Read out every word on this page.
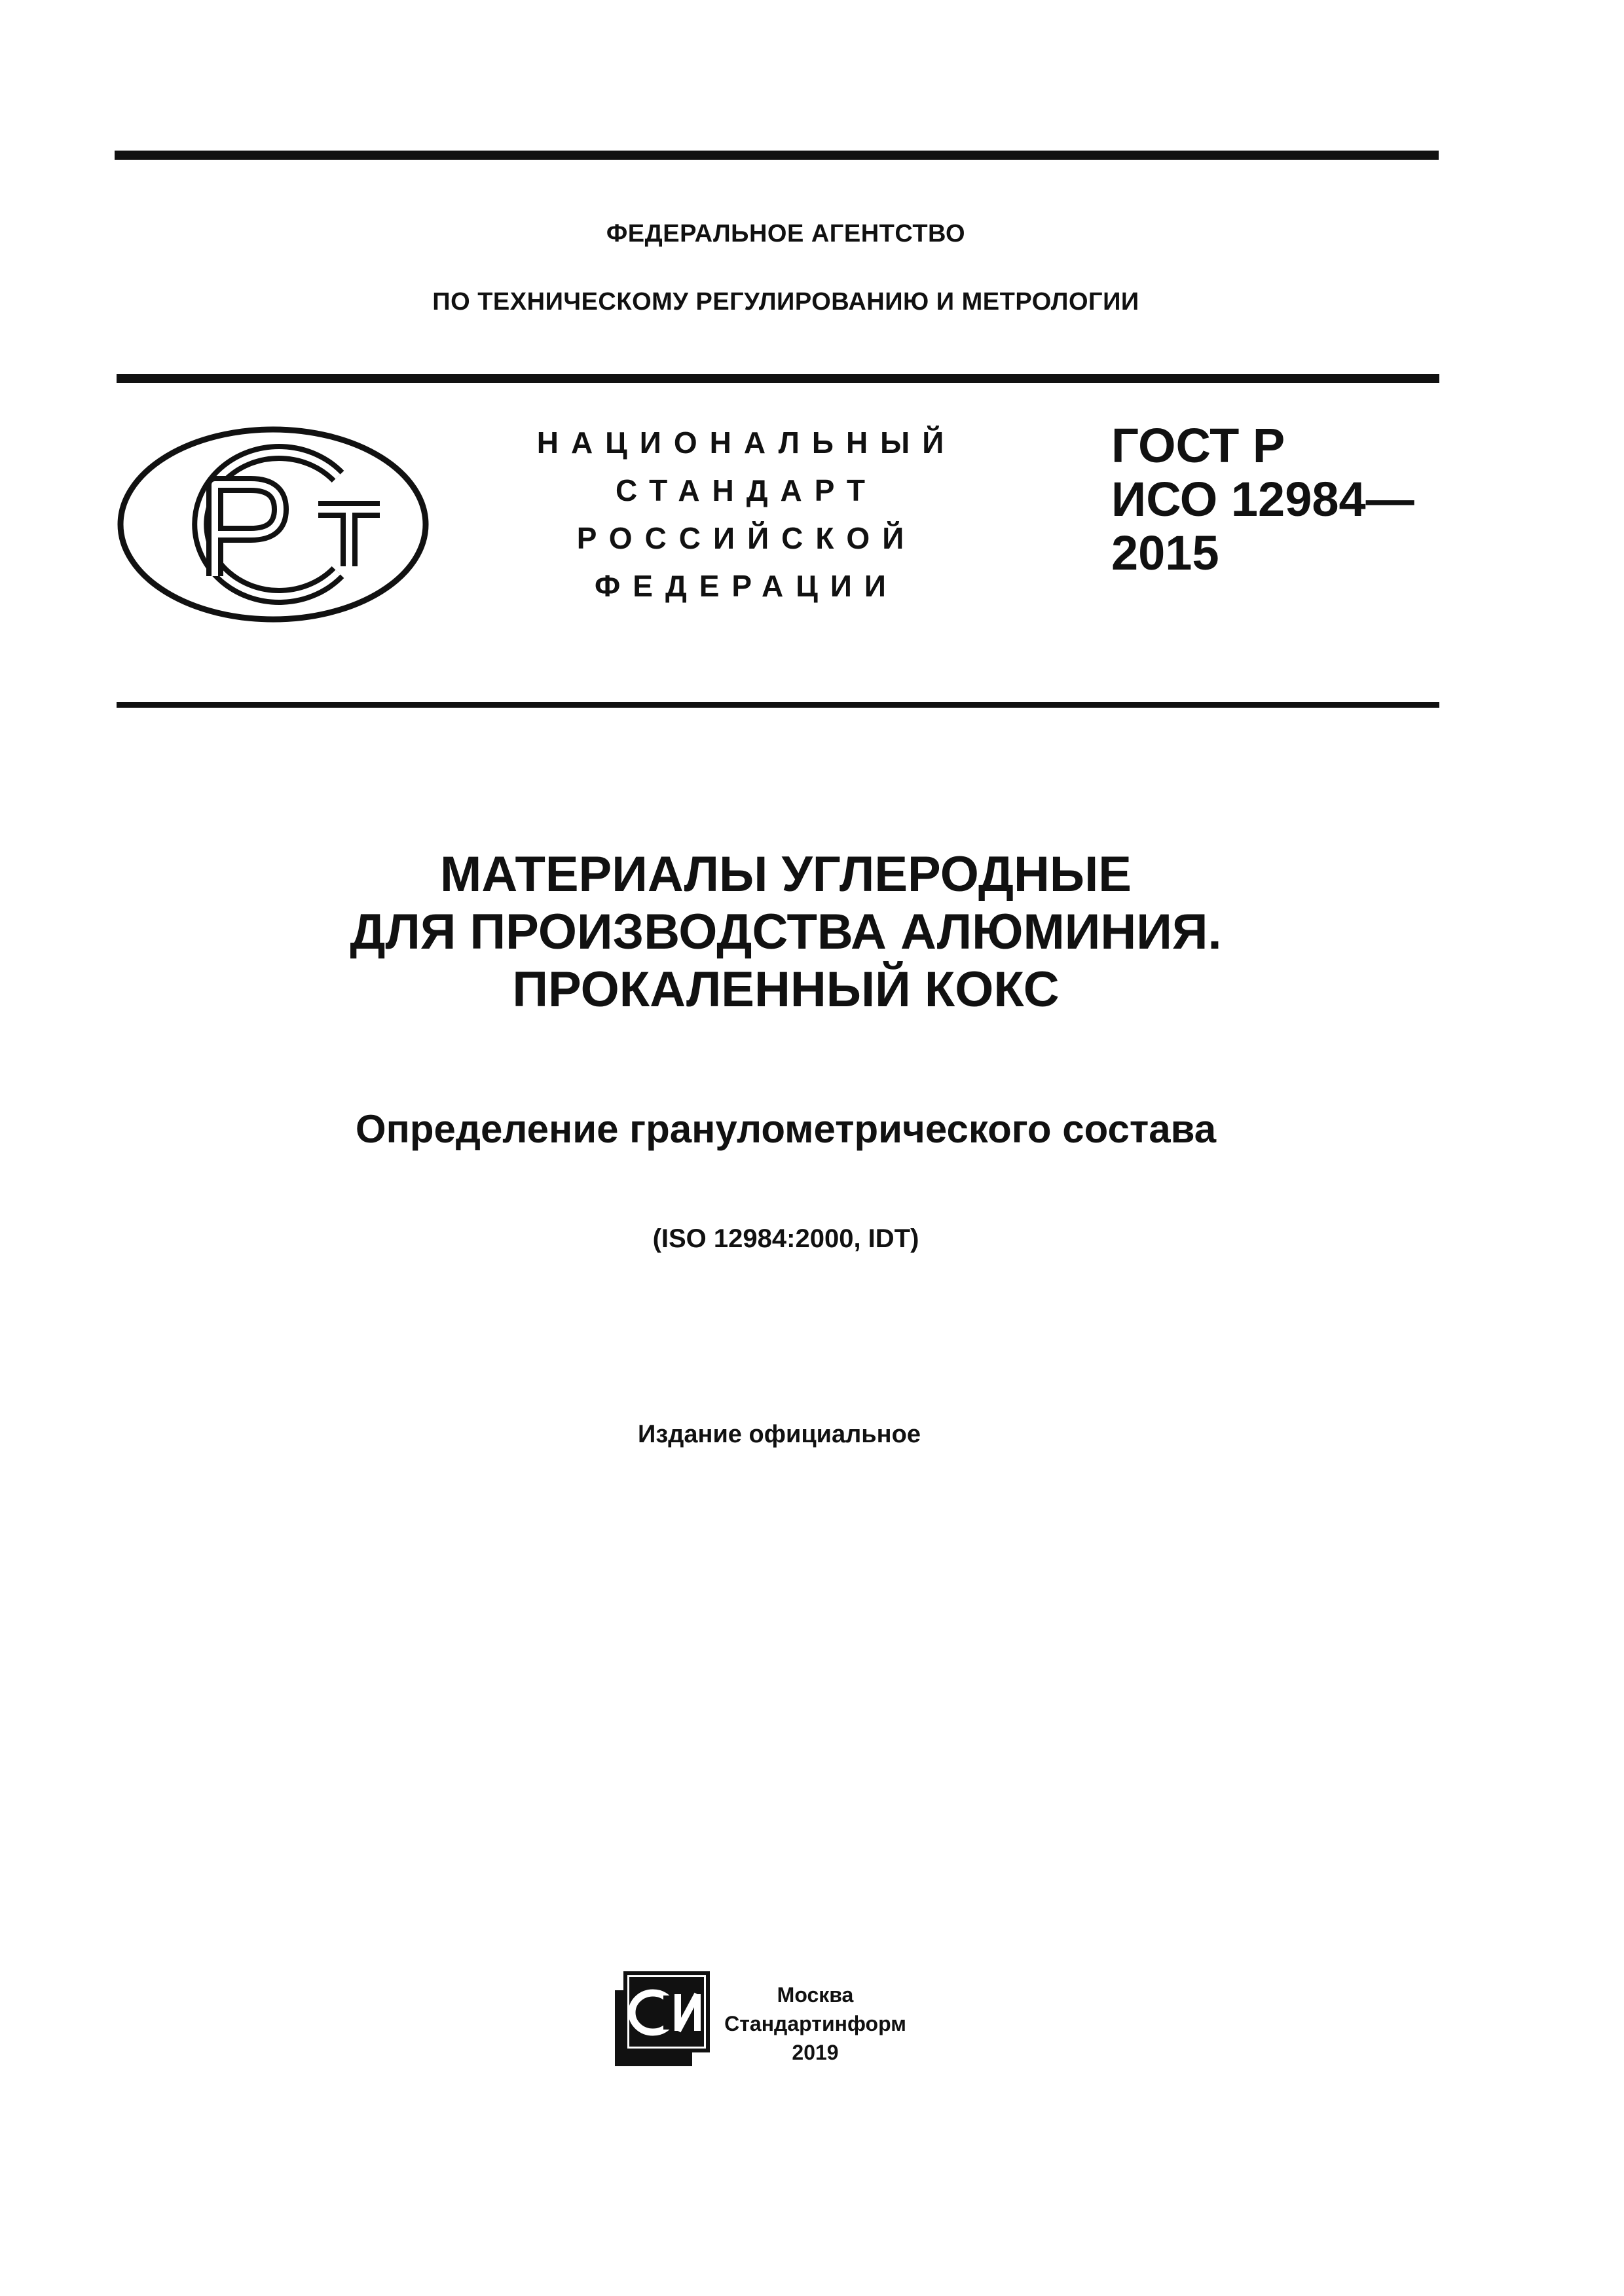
ФЕДЕРАЛЬНОЕ АГЕНТСТВО
ПО ТЕХНИЧЕСКОМУ РЕГУЛИРОВАНИЮ И МЕТРОЛОГИИ
НАЦИОНАЛЬНЫЙ
СТАНДАРТ
РОССИЙСКОЙ
ФЕДЕРАЦИИ
ГОСТ Р
ИСО 12984—
2015
МАТЕРИАЛЫ УГЛЕРОДНЫЕ
ДЛЯ ПРОИЗВОДСТВА АЛЮМИНИЯ.
ПРОКАЛЕННЫЙ КОКС
Определение гранулометрического состава
(ISO 12984:2000, IDT)
Издание официальное
Москва
Стандартинформ
2019
